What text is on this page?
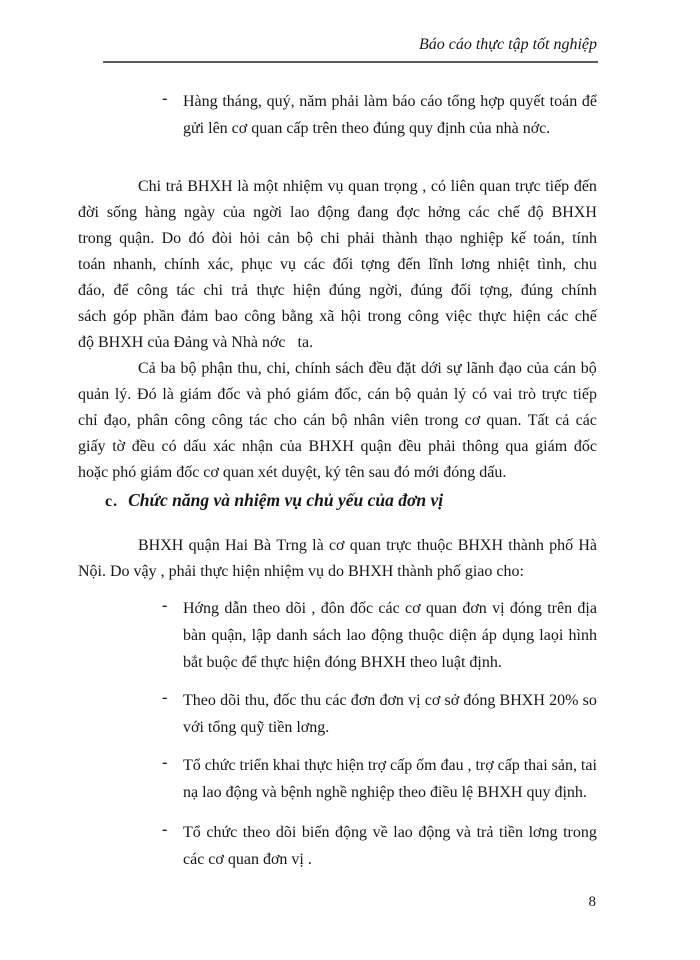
Báo cáo thực tập tốt nghiệp
- Hàng tháng, quý, năm phải làm báo cáo tổng hợp quyết toán để
gửi lên cơ quan cấp trên theo đúng quy định của nhà nớc.
Chi trả BHXH là một nhiệm vụ quan trọng , có liên quan trực tiếp đến
đời sống hàng ngày của ngời lao động đang đợc hởng các chế độ BHXH
trong quận. Do đó đòi hỏi cản bộ chi phải thành thạo nghiệp kế toán, tính
toán nhanh, chính xác, phục vụ các đối tợng đến lĩnh lơng nhiệt tình, chu
đáo, để công tác chi trả thực hiện đúng ngời, đúng đối tợng, đúng chính
sách góp phần đảm bao công bằng xã hội trong công việc thực hiện các chế
độ BHXH của Đảng và Nhà nớc   ta.
Cả ba bộ phận thu, chi, chính sách đều đặt dới sự lãnh đạo của cán bộ
quản lý. Đó là giám đốc và phó giám đốc, cán bộ quản lý có vai trò trực tiếp
chỉ đạo, phân công công tác cho cán bộ nhân viên trong cơ quan. Tất cả các
giấy tờ đều có dấu xác nhận của BHXH quận đều phải thông qua giám đốc
hoặc phó giám đốc cơ quan xét duyệt, ký tên sau đó mới đóng dấu.
c. Chức năng và nhiệm vụ chủ yếu của đơn vị
BHXH quận Hai Bà Trng là cơ quan trực thuộc BHXH thành phố Hà
Nội. Do vậy , phải thực hiện nhiệm vụ do BHXH thành phố giao cho:
- Hớng dẫn theo dõi , đôn đốc các cơ quan đơn vị đóng trên địa
bàn quận, lập danh sách lao động thuộc diện áp dụng laọi hình
bắt buộc để thực hiện đóng BHXH theo luật định.
- Theo dõi thu, đốc thu các đơn đơn vị cơ sở đóng BHXH 20% so
với tổng quỹ tiền lơng.
- Tổ chức triển khai thực hiện trợ cấp ốm đau , trợ cấp thai sản, tai
nạ lao động và bệnh nghề nghiệp theo điều lệ BHXH quy định.
- Tổ chức theo dõi biến động về lao động và trả tiền lơng trong
các cơ quan đơn vị .
8
